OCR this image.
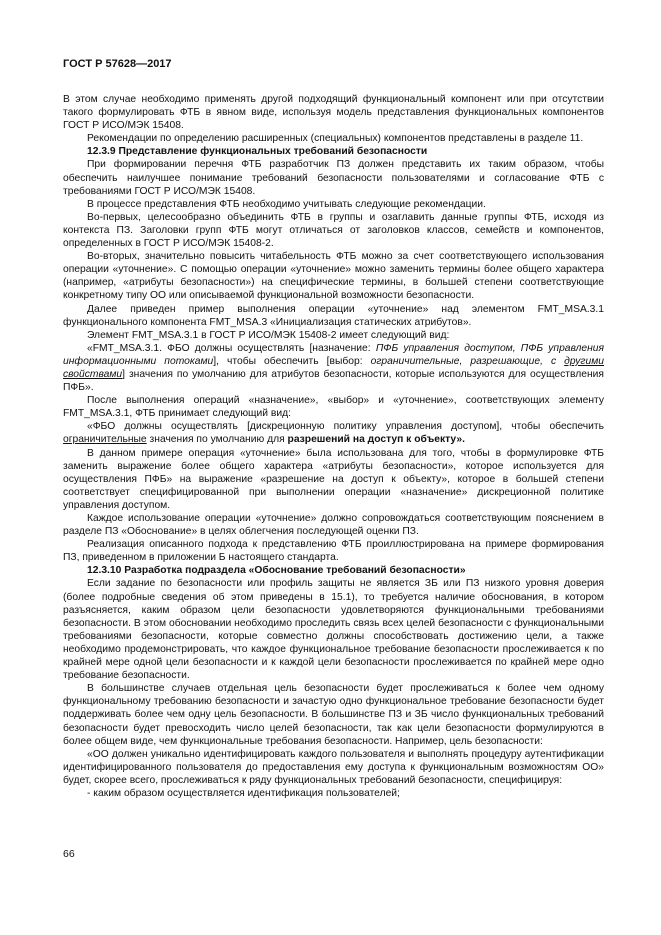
ГОСТ Р 57628—2017

В этом случае необходимо применять другой подходящий функциональный компонент или при отсутствии такого формулировать ФТБ в явном виде, используя модель представления функциональных компонентов ГОСТ Р ИСО/МЭК 15408.

Рекомендации по определению расширенных (специальных) компонентов представлены в разделе 11.

12.3.9 Представление функциональных требований безопасности

При формировании перечня ФТБ разработчик ПЗ должен представить их таким образом, чтобы обеспечить наилучшее понимание требований безопасности пользователями и согласование ФТБ с требованиями ГОСТ Р ИСО/МЭК 15408.

В процессе представления ФТБ необходимо учитывать следующие рекомендации.

Во-первых, целесообразно объединить ФТБ в группы и озаглавить данные группы ФТБ, исходя из контекста ПЗ. Заголовки групп ФТБ могут отличаться от заголовков классов, семейств и компонентов, определенных в ГОСТ Р ИСО/МЭК 15408-2.

Во-вторых, значительно повысить читабельность ФТБ можно за счет соответствующего использования операции «уточнение». С помощью операции «уточнение» можно заменить термины более общего характера (например, «атрибуты безопасности») на специфические термины, в большей степени соответствующие конкретному типу ОО или описываемой функциональной возможности безопасности.

Далее приведен пример выполнения операции «уточнение» над элементом FMT_MSA.3.1 функционального компонента FMT_MSA.3 «Инициализация статических атрибутов».

Элемент FMT_MSA.3.1 в ГОСТ Р ИСО/МЭК 15408-2 имеет следующий вид:

«FMT_MSA.3.1. ФБО должны осуществлять [назначение: ПФБ управления доступом, ПФБ управления информационными потоками], чтобы обеспечить [выбор: ограничительные, разрешающие, с другими свойствами] значения по умолчанию для атрибутов безопасности, которые используются для осуществления ПФБ».

После выполнения операций «назначение», «выбор» и «уточнение», соответствующих элементу FMT_MSA.3.1, ФТБ принимает следующий вид:

«ФБО должны осуществлять [дискреционную политику управления доступом], чтобы обеспечить ограничительные значения по умолчанию для разрешений на доступ к объекту».

В данном примере операция «уточнение» была использована для того, чтобы в формулировке ФТБ заменить выражение более общего характера «атрибуты безопасности», которое используется для осуществления ПФБ» на выражение «разрешение на доступ к объекту», которое в большей степени соответствует специфицированной при выполнении операции «назначение» дискреционной политике управления доступом.

Каждое использование операции «уточнение» должно сопровождаться соответствующим пояснением в разделе ПЗ «Обоснование» в целях облегчения последующей оценки ПЗ.

Реализация описанного подхода к представлению ФТБ проиллюстрирована на примере формирования ПЗ, приведенном в приложении Б настоящего стандарта.

12.3.10 Разработка подраздела «Обоснование требований безопасности»

Если задание по безопасности или профиль защиты не является ЗБ или ПЗ низкого уровня доверия (более подробные сведения об этом приведены в 15.1), то требуется наличие обоснования, в котором разъясняется, каким образом цели безопасности удовлетворяются функциональными требованиями безопасности. В этом обосновании необходимо проследить связь всех целей безопасности с функциональными требованиями безопасности, которые совместно должны способствовать достижению цели, а также необходимо продемонстрировать, что каждое функциональное требование безопасности прослеживается к по крайней мере одной цели безопасности и к каждой цели безопасности прослеживается по крайней мере одно требование безопасности.

В большинстве случаев отдельная цель безопасности будет прослеживаться к более чем одному функциональному требованию безопасности и зачастую одно функциональное требование безопасности будет поддерживать более чем одну цель безопасности. В большинстве ПЗ и ЗБ число функциональных требований безопасности будет превосходить число целей безопасности, так как цели безопасности формулируются в более общем виде, чем функциональные требования безопасности. Например, цель безопасности:

«ОО должен уникально идентифицировать каждого пользователя и выполнять процедуру аутентификации идентифицированного пользователя до предоставления ему доступа к функциональным возможностям ОО» будет, скорее всего, прослеживаться к ряду функциональных требований безопасности, специфицируя:

- каким образом осуществляется идентификация пользователей;

66
